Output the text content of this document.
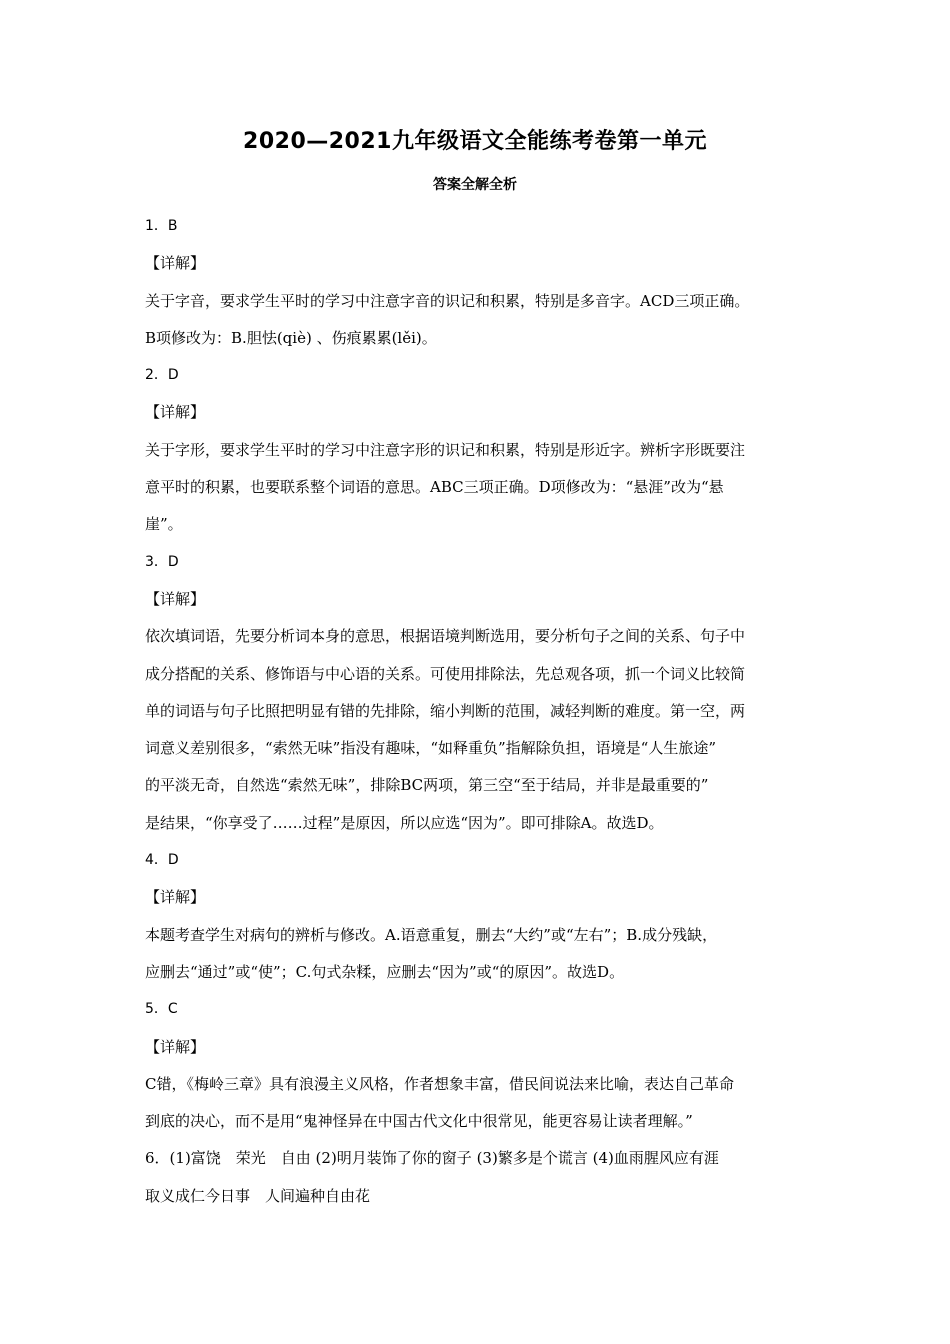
2020—2021九年级语文全能练考卷第一单元
答案全解全析
1．B
【详解】
关于字音，要求学生平时的学习中注意字音的识记和积累，特别是多音字。ACD三项正确。
B项修改为：B.胆怯(qiè) 、伤痕累累(lěi)。
2．D
【详解】
关于字形，要求学生平时的学习中注意字形的识记和积累，特别是形近字。辨析字形既要注
意平时的积累，也要联系整个词语的意思。ABC三项正确。D项修改为：“悬涯”改为“悬
崖”。
3．D
【详解】
依次填词语，先要分析词本身的意思，根据语境判断选用，要分析句子之间的关系、句子中
成分搭配的关系、修饰语与中心语的关系。可使用排除法，先总观各项，抓一个词义比较简
单的词语与句子比照把明显有错的先排除，缩小判断的范围，减轻判断的难度。第一空，两
词意义差别很多，“索然无味”指没有趣味，“如释重负”指解除负担，语境是“人生旅途”
的平淡无奇，自然选“索然无味”，排除BC两项，第三空“至于结局，并非是最重要的”
是结果，“你享受了……过程”是原因，所以应选“因为”。即可排除A。故选D。
4．D
【详解】
本题考查学生对病句的辨析与修改。A.语意重复，删去“大约”或“左右”；B.成分残缺，
应删去“通过”或“使”；C.句式杂糅，应删去“因为”或“的原因”。故选D。
5．C
【详解】
C错，《梅岭三章》具有浪漫主义风格，作者想象丰富，借民间说法来比喻，表达自己革命
到底的决心，而不是用“鬼神怪异在中国古代文化中很常见，能更容易让读者理解。”
6．(1)富饶　荣光　自由 (2)明月装饰了你的窗子 (3)繁多是个谎言 (4)血雨腥风应有涯
取义成仁今日事　人间遍种自由花
